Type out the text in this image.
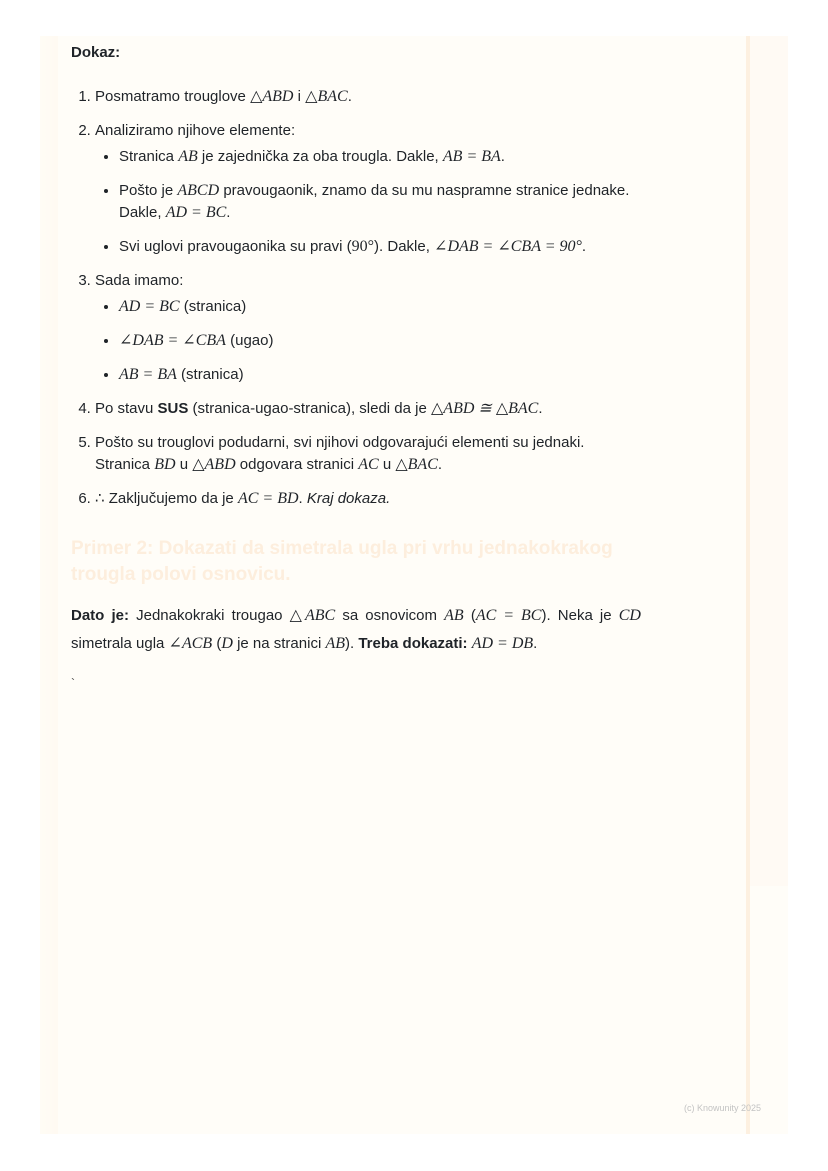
Dokaz:
1. Posmatramo trouglove △ABD i △BAC.
2. Analiziramo njihove elemente:
• Stranica AB je zajednička za oba trougla. Dakle, AB = BA.
• Pošto je ABCD pravougaonik, znamo da su mu naspramne stranice jednake. Dakle, AD = BC.
• Svi uglovi pravougaonika su pravi (90°). Dakle, ∠DAB = ∠CBA = 90°.
3. Sada imamo:
• AD = BC (stranica)
• ∠DAB = ∠CBA (ugao)
• AB = BA (stranica)
4. Po stavu SUS (stranica-ugao-stranica), sledi da je △ABD ≅ △BAC.
5. Pošto su trouglovi podudarni, svi njihovi odgovarajući elementi su jednaki. Stranica BD u △ABD odgovara stranici AC u △BAC.
6. ∴ Zaključujemo da je AC = BD. Kraj dokaza.
Primer 2: Dokazati da simetrala ugla pri vrhu jednakokrakog trougla polovi osnovicu.
Dato je: Jednakokraki trougao △ABC sa osnovicom AB (AC = BC). Neka je CD simetrala ugla ∠ACB (D je na stranici AB). Treba dokazati: AD = DB.
`
(c) Knowunity 2025
